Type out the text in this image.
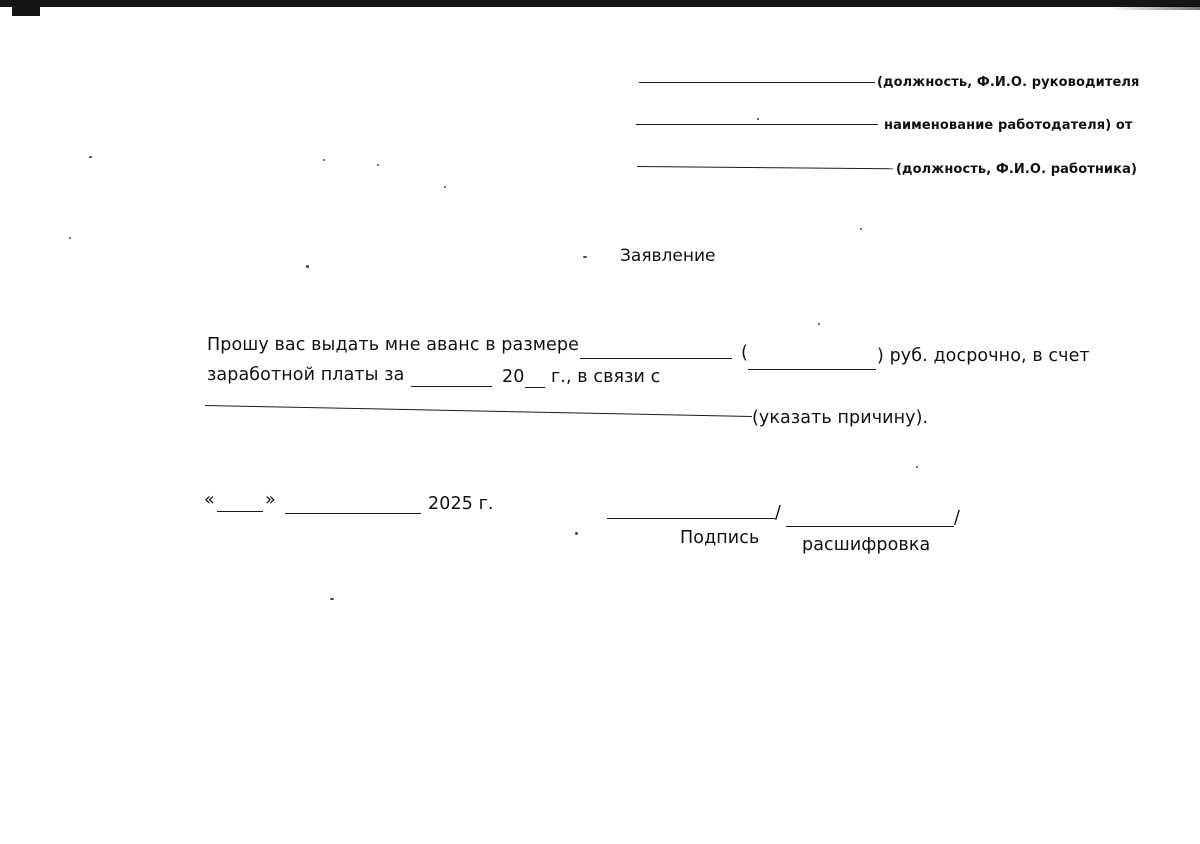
(должность, Ф.И.О. руководителя
наименование работодателя) от
(должность, Ф.И.О. работника)
Заявление
Прошу вас выдать мне аванс в размере	(	) руб. досрочно, в счет
заработной платы за	20 г., в связи с
(указать причину).
«	»	2025 г.	/	/
Подпись расшифровка
